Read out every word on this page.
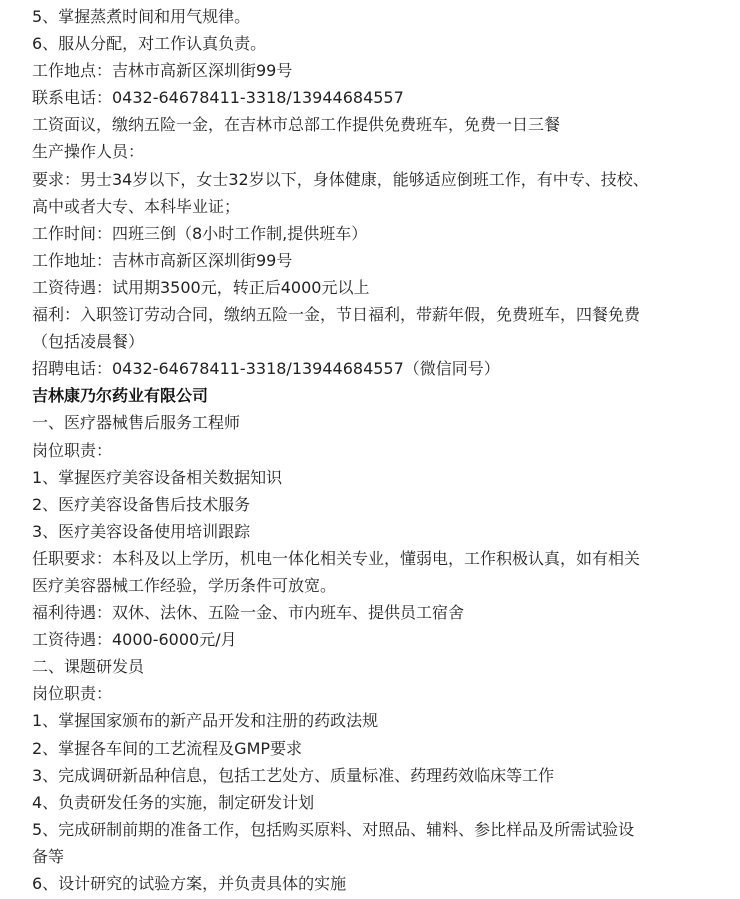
5、掌握蒸煮时间和用气规律。
6、服从分配，对工作认真负责。
工作地点：吉林市高新区深圳街99号
联系电话：0432-64678411-3318/13944684557
工资面议，缴纳五险一金，在吉林市总部工作提供免费班车，免费一日三餐
生产操作人员：
要求：男士34岁以下，女士32岁以下，身体健康，能够适应倒班工作，有中专、技校、
高中或者大专、本科毕业证；
工作时间：四班三倒（8小时工作制,提供班车）
工作地址：吉林市高新区深圳街99号
工资待遇：试用期3500元，转正后4000元以上
福利：入职签订劳动合同，缴纳五险一金，节日福利，带薪年假，免费班车，四餐免费
（包括凌晨餐）
招聘电话：0432-64678411-3318/13944684557（微信同号）
吉林康乃尔药业有限公司
一、医疗器械售后服务工程师
岗位职责：
1、掌握医疗美容设备相关数据知识
2、医疗美容设备售后技术服务
3、医疗美容设备使用培训跟踪
任职要求：本科及以上学历，机电一体化相关专业，懂弱电，工作积极认真，如有相关
医疗美容器械工作经验，学历条件可放宽。
福利待遇：双休、法休、五险一金、市内班车、提供员工宿舍
工资待遇：4000-6000元/月
二、课题研发员
岗位职责：
1、掌握国家颁布的新产品开发和注册的药政法规
2、掌握各车间的工艺流程及GMP要求
3、完成调研新品种信息，包括工艺处方、质量标准、药理药效临床等工作
4、负责研发任务的实施，制定研发计划
5、完成研制前期的准备工作，包括购买原料、对照品、辅料、参比样品及所需试验设
备等
6、设计研究的试验方案，并负责具体的实施
